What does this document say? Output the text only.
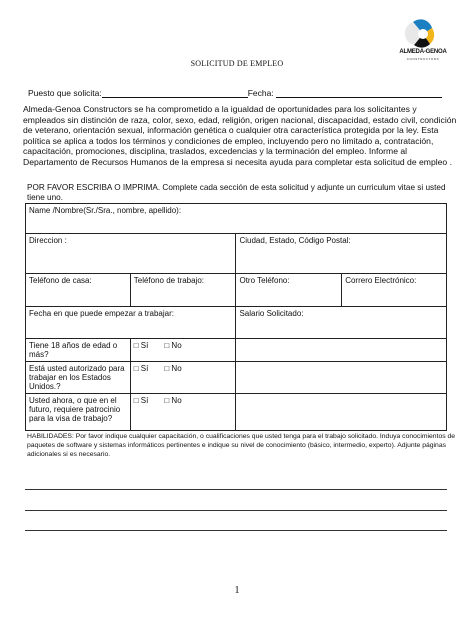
ALMEDA-GENOA
CONSTRUCTORS
SOLICITUD DE EMPLEO
Puesto que solicita:	Fecha:
Almeda-Genoa Constructors se ha comprometido a la igualdad de oportunidades para los solicitantes y empleados sin distinción de raza, color, sexo, edad, religión, origen nacional, discapacidad, estado civil, condición de veterano, orientación sexual, información genética o cualquier otra característica protegida por la ley. Esta política se aplica a todos los términos y condiciones de empleo, incluyendo pero no limitado a, contratación, capacitación, promociones, disciplina, traslados, excedencias y la terminación del empleo. Informe al Departamento de Recursos Humanos de la empresa si necesita ayuda para completar esta solicitud de empleo .
POR FAVOR ESCRIBA O IMPRIMA. Complete cada sección de esta solicitud y adjunte un curriculum vitae si usted tiene uno.
Name /Nombre(Sr./Sra., nombre, apellido):			
Direccion :		Ciudad, Estado, Código Postal:	
Teléfono de casa:	Teléfono de trabajo:	Otro Teléfono:	Correro Electrónico:
Fecha en que puede empezar a trabajar:		Salario Solicitado:	
Tiene 18 años de edad o más?	□ Sí □ No		
Está usted autorizado para trabajar en los Estados Unidos.?	□ Sí □ No		
Usted ahora, o que en el futuro, requiere patrocinio para la visa de trabajo?	□ Sí □ No		
HABILIDADES: Por favor indique cualquier capacitación, o cualificaciones que usted tenga para el trabajo solicitado. Induya conocimientos de paquetes de software y sistemas informáticos pertinentes e indique su nivel de conocimiento (básico, intermedio, experto). Adjunte páginas adicionales si es necesario.
1
